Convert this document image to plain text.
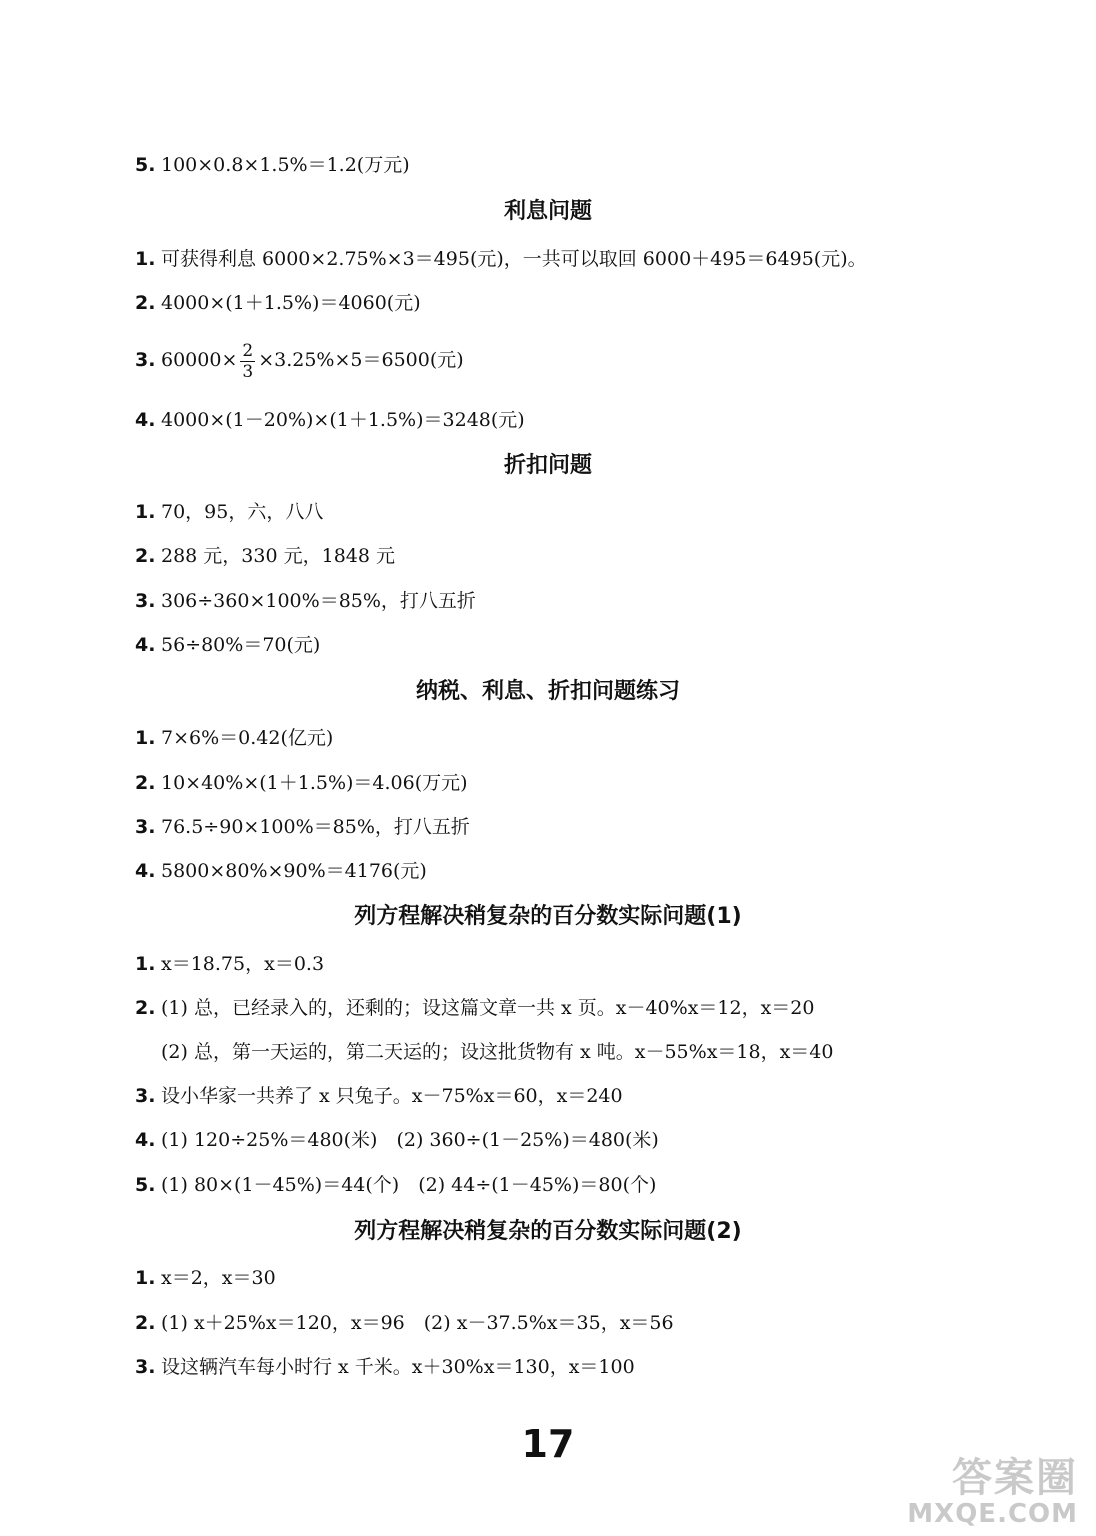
5. 100×0.8×1.5%＝1.2(万元)
利息问题
1. 可获得利息 6000×2.75%×3＝495(元)，一共可以取回 6000＋495＝6495(元)。
2. 4000×(1＋1.5%)＝4060(元)
3. $60000\times \frac{2}{3} \times 3.25\%\times 5=6500$(元)
4. 4000×(1－20%)×(1＋1.5%)＝3248(元)
折扣问题
1. 70，95，六，八八
2. 288 元，330 元，1848 元
3. 306÷360×100%＝85%，打八五折
4. 56÷80%＝70(元)
纳税、利息、折扣问题练习
1. 7×6%＝0.42(亿元)
2. 10×40%×(1＋1.5%)＝4.06(万元)
3. 76.5÷90×100%＝85%，打八五折
4. 5800×80%×90%＝4176(元)
列方程解决稍复杂的百分数实际问题(1)
1. x＝18.75，x＝0.3
2. (1) 总，已经录入的，还剩的；设这篇文章一共 x 页。x－40%x＝12，x＝20
(2) 总，第一天运的，第二天运的；设这批货物有 x 吨。x－55%x＝18，x＝40
3. 设小华家一共养了 x 只兔子。x－75%x＝60，x＝240
4. (1) 120÷25%＝480(米)　(2) 360÷(1－25%)＝480(米)
5. (1) 80×(1－45%)＝44(个)　(2) 44÷(1－45%)＝80(个)
列方程解决稍复杂的百分数实际问题(2)
1. x＝2，x＝30
2. (1) x＋25%x＝120，x＝96　(2) x－37.5%x＝35，x＝56
3. 设这辆汽车每小时行 x 千米。x＋30%x＝130，x＝100
17
答案圈
MXQE.COM
